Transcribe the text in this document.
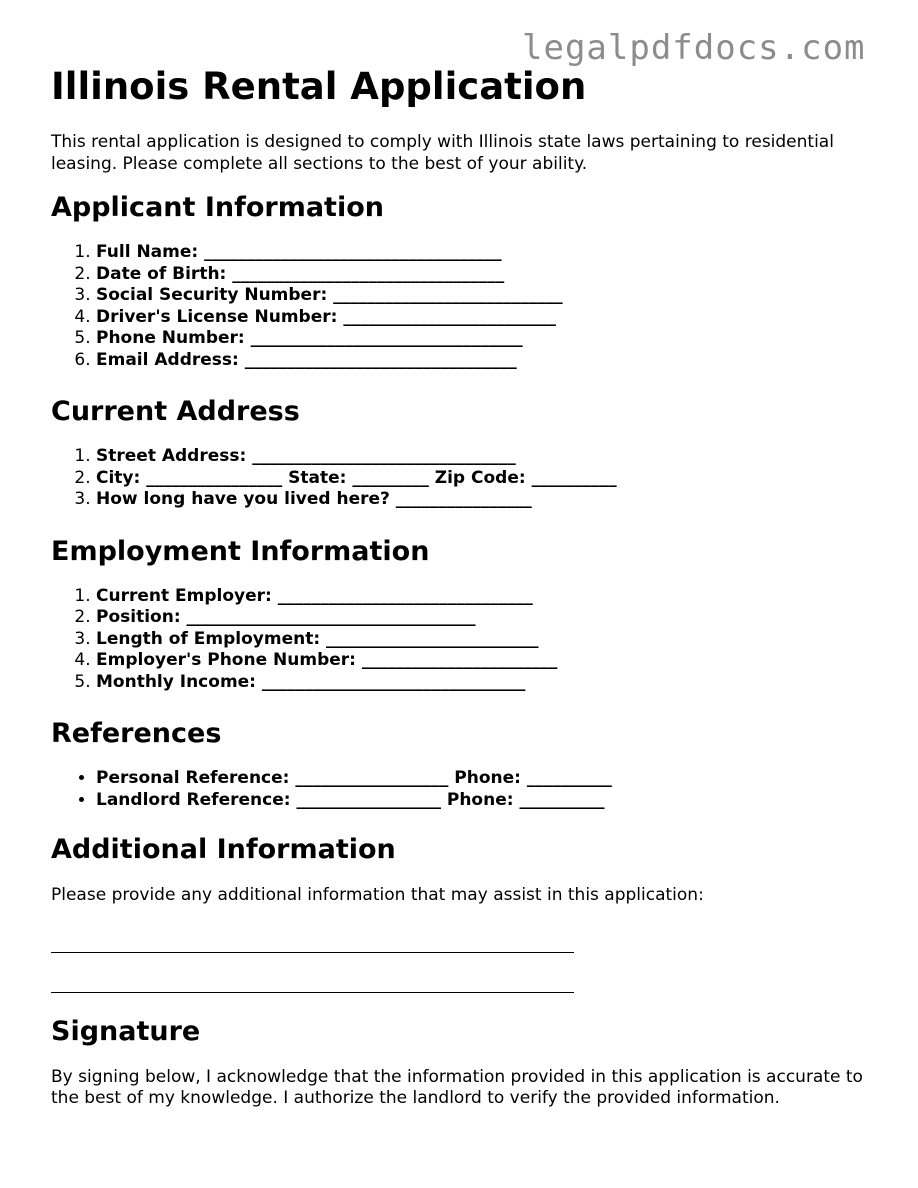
legalpdfdocs.com
Illinois Rental Application

This rental application is designed to comply with Illinois state laws pertaining to residential leasing. Please complete all sections to the best of your ability.

Applicant Information
1. Full Name: ___________________________________
2. Date of Birth: ________________________________
3. Social Security Number: ___________________________
4. Driver's License Number: _________________________
5. Phone Number: ________________________________
6. Email Address: ________________________________
Current Address
1. Street Address: _______________________________
2. City: ________________ State: _________ Zip Code: __________
3. How long have you lived here? ________________
Employment Information
1. Current Employer: ______________________________
2. Position: __________________________________
3. Length of Employment: _________________________
4. Employer's Phone Number: _______________________
5. Monthly Income: _______________________________
References
• Personal Reference: __________________ Phone: __________
• Landlord Reference: _________________ Phone: __________
Additional Information

Please provide any additional information that may assist in this application:

Signature

By signing below, I acknowledge that the information provided in this application is accurate to the best of my knowledge. I authorize the landlord to verify the provided information.
